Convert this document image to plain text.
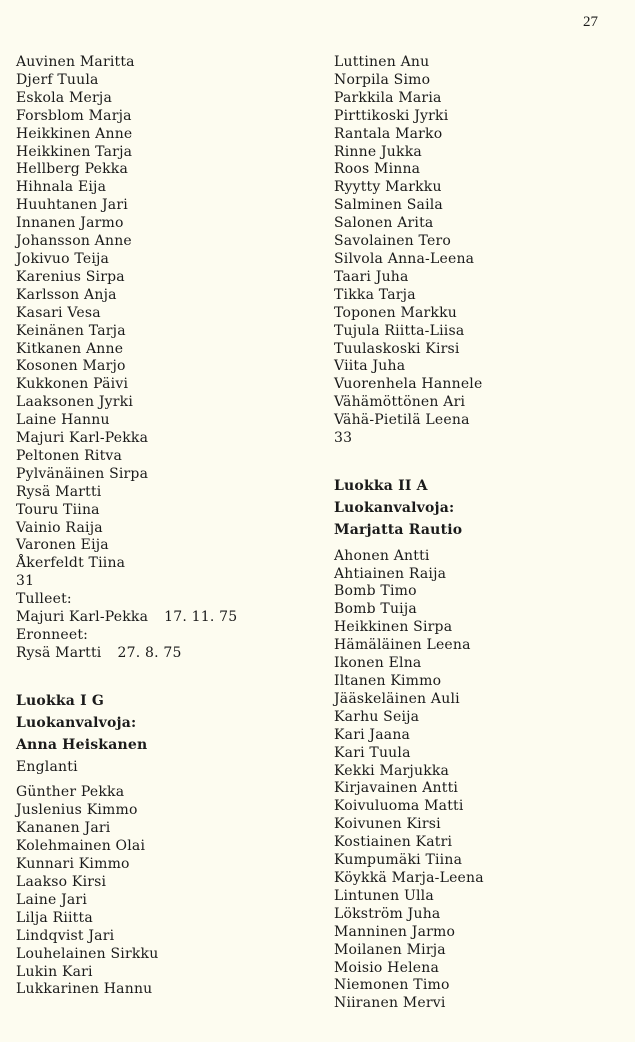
27
Auvinen Maritta
Djerf Tuula
Eskola Merja
Forsblom Marja
Heikkinen Anne
Heikkinen Tarja
Hellberg Pekka
Hihnala Eija
Huuhtanen Jari
Innanen Jarmo
Johansson Anne
Jokivuo Teija
Karenius Sirpa
Karlsson Anja
Kasari Vesa
Keinänen Tarja
Kitkanen Anne
Kosonen Marjo
Kukkonen Päivi
Laaksonen Jyrki
Laine Hannu
Majuri Karl-Pekka
Peltonen Ritva
Pylvänäinen Sirpa
Rysä Martti
Touru Tiina
Vainio Raija
Varonen Eija
Åkerfeldt Tiina
31
Tulleet:
Majuri Karl-Pekka 17. 11. 75
Eronneet:
Rysä Martti 27. 8. 75
Luokka I G
Luokanvalvoja:
Anna Heiskanen
Englanti
Günther Pekka
Juslenius Kimmo
Kananen Jari
Kolehmainen Olai
Kunnari Kimmo
Laakso Kirsi
Laine Jari
Lilja Riitta
Lindqvist Jari
Louhelainen Sirkku
Lukin Kari
Lukkarinen Hannu
Luttinen Anu
Norpila Simo
Parkkila Maria
Pirttikoski Jyrki
Rantala Marko
Rinne Jukka
Roos Minna
Ryytty Markku
Salminen Saila
Salonen Arita
Savolainen Tero
Silvola Anna-Leena
Taari Juha
Tikka Tarja
Toponen Markku
Tujula Riitta-Liisa
Tuulaskoski Kirsi
Viita Juha
Vuorenhela Hannele
Vähämöttönen Ari
Vähä-Pietilä Leena
33
Luokka II A
Luokanvalvoja:
Marjatta Rautio
Ahonen Antti
Ahtiainen Raija
Bomb Timo
Bomb Tuija
Heikkinen Sirpa
Hämäläinen Leena
Ikonen Elna
Iltanen Kimmo
Jääskeläinen Auli
Karhu Seija
Kari Jaana
Kari Tuula
Kekki Marjukka
Kirjavainen Antti
Koivuluoma Matti
Koivunen Kirsi
Kostiainen Katri
Kumpumäki Tiina
Köykkä Marja-Leena
Lintunen Ulla
Lökström Juha
Manninen Jarmo
Moilanen Mirja
Moisio Helena
Niemonen Timo
Niiranen Mervi
